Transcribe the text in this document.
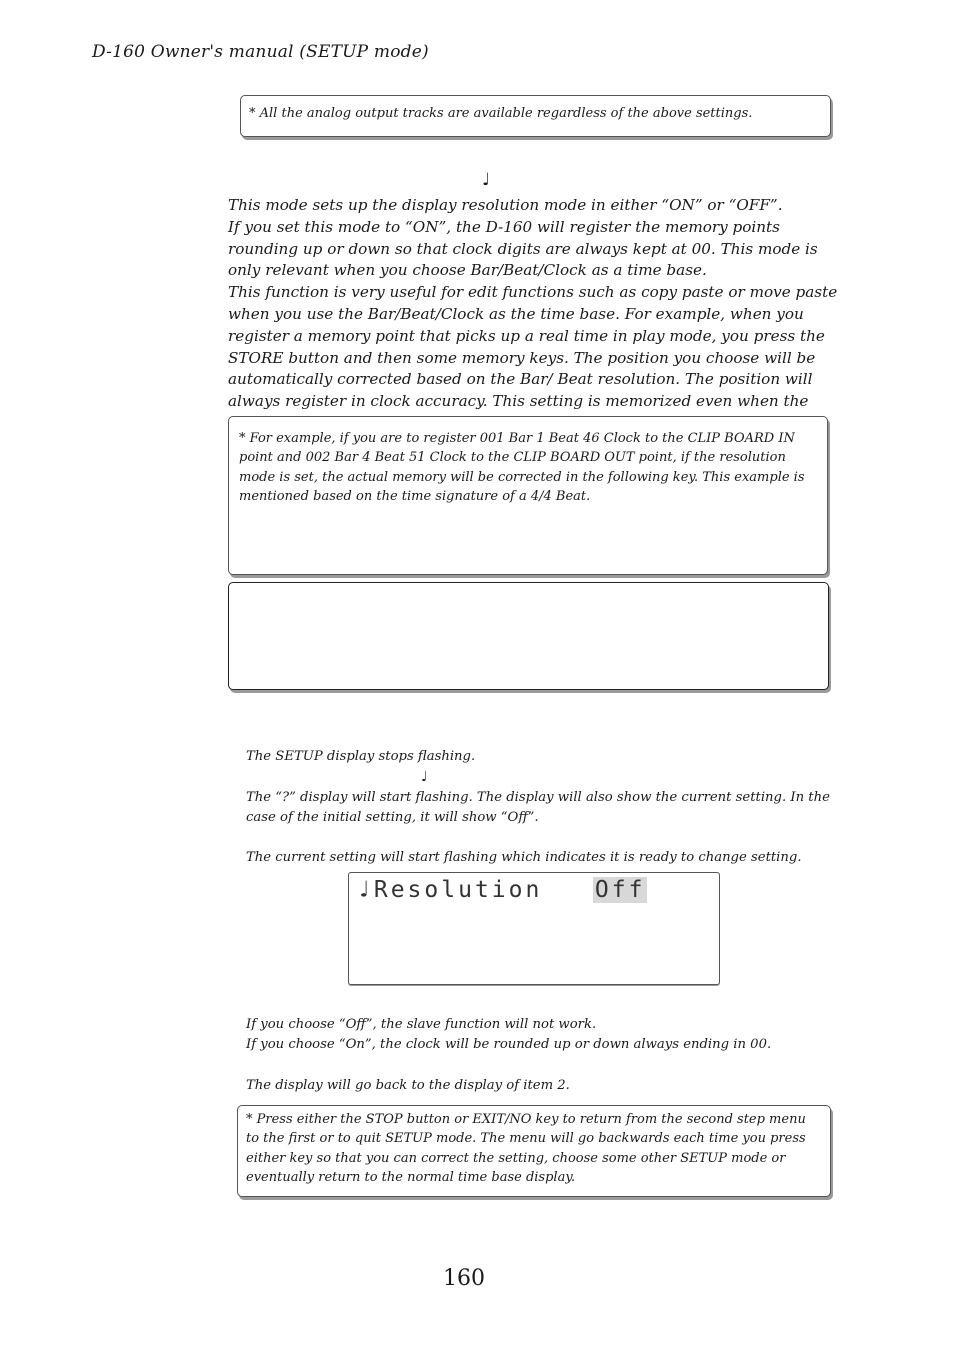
D-160 Owner's manual (SETUP mode)
* All the analog output tracks are available regardless of the above settings.
♩

This mode sets up the display resolution mode in either “ON” or “OFF”.

If you set this mode to “ON”, the D-160 will register the memory points rounding up or down so that clock digits are always kept at 00. This mode is only relevant when you choose Bar/Beat/Clock as a time base.

This function is very useful for edit functions such as copy paste or move paste when you use the Bar/Beat/Clock as the time base. For example, when you register a memory point that picks up a real time in play mode, you press the STORE button and then some memory keys. The position you choose will be automatically corrected based on the Bar/ Beat resolution. The position will always register in clock accuracy. This setting is memorized even when the

* For example, if you are to register 001 Bar 1 Beat 46 Clock to the CLIP BOARD IN point and 002 Bar 4 Beat 51 Clock to the CLIP BOARD OUT point, if the resolution mode is set, the actual memory will be corrected in the following key. This example is mentioned based on the time signature of a 4/4 Beat.
The SETUP display stops flashing.
♩
The “?” display will start flashing. The display will also show the current setting. In the case of the initial setting, it will show “Off”.
The current setting will start flashing which indicates it is ready to change setting.
♩Resolution Off
If you choose “Off”, the slave function will not work.
If you choose “On”, the clock will be rounded up or down always ending in 00.
The display will go back to the display of item 2.
* Press either the STOP button or EXIT/NO key to return from the second step menu to the first or to quit SETUP mode. The menu will go backwards each time you press either key so that you can correct the setting, choose some other SETUP mode or eventually return to the normal time base display.
160
